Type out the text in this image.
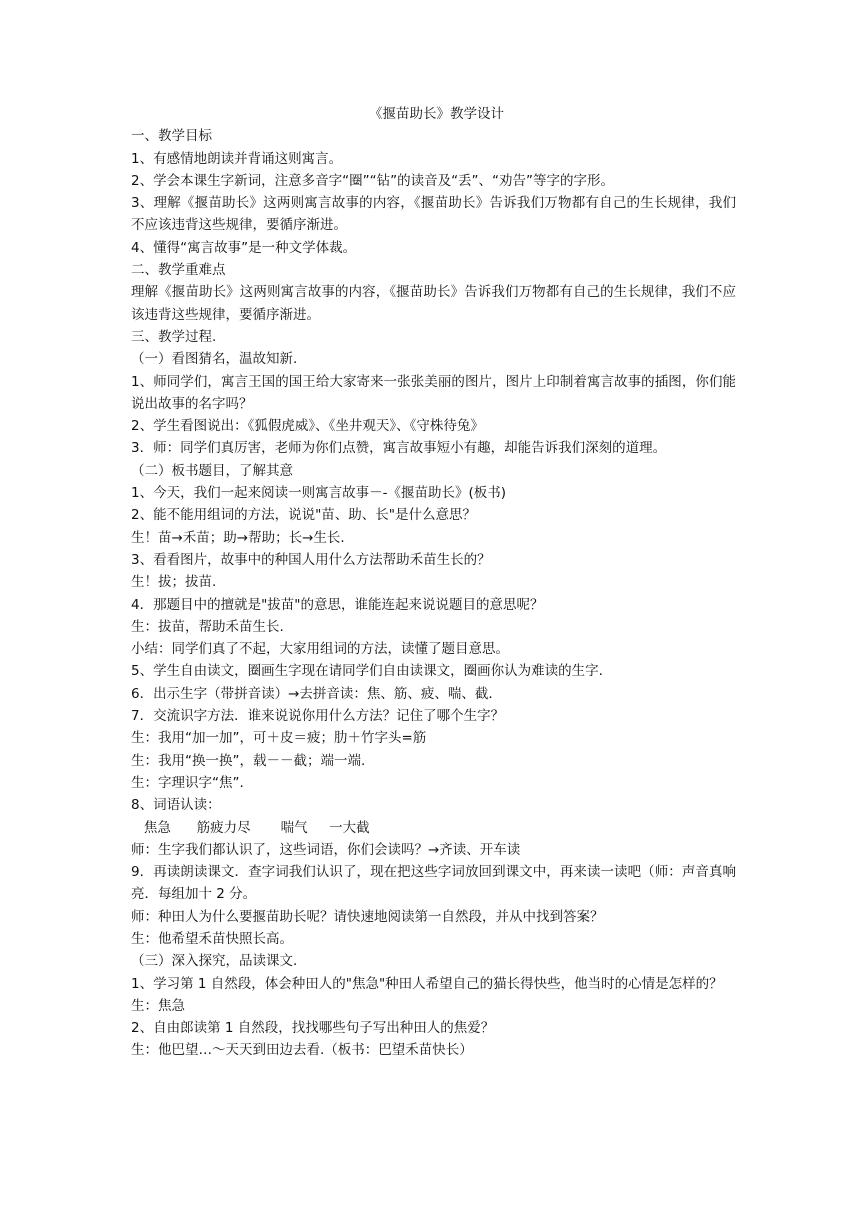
《揠苗助长》教学设计

一、教学目标

1、有感情地朗读并背诵这则寓言。

2、学会本课生字新词，注意多音字“圈”“钻”的读音及“丢”、“劝告”等字的字形。

3、理解《揠苗助长》这两则寓言故事的内容，《揠苗助长》告诉我们万物都有自己的生长规律，我们不应该违背这些规律，要循序渐进。

4、懂得“寓言故事”是一种文学体裁。

二、教学重难点

理解《揠苗助长》这两则寓言故事的内容，《揠苗助长》告诉我们万物都有自己的生长规律，我们不应该违背这些规律，要循序渐进。

三、教学过程.

（一）看图猜名，温故知新.

1、师同学们，寓言王国的国王给大家寄来一张张美丽的图片，图片上印制着寓言故事的插图，你们能说出故事的名字吗？

2、学生看图说出：《狐假虎威》、《坐井观天》、《守株待兔》

3．师：同学们真厉害，老师为你们点赞，寓言故事短小有趣，却能告诉我们深刻的道理。

（二）板书题目，了解其意

1、今天，我们一起来阅读一则寓言故事－-《揠苗助长》(板书)

2、能不能用组词的方法，说说"苗、助、长"是什么意思？

生！苗→禾苗；助→帮助；长→生长.

3、看看图片，故事中的种国人用什么方法帮助禾苗生长的？

生！拔；拔苗.

4．那题目中的擅就是"拔苗"的意思，谁能连起来说说题目的意思呢？

生：拔苗，帮助禾苗生长.

小结：同学们真了不起，大家用组词的方法，读懂了题目意思。

5、学生自由读文，圈画生字现在请同学们自由读课文，圈画你认为难读的生字.

6．出示生字（带拼音读）→去拼音读：焦、筋、疲、喘、截.

7．交流识字方法．谁来说说你用什么方法？记住了哪个生字？

生：我用“加一加”，可＋皮＝疲；肋＋竹字头=筋

生：我用“换一换”，载－－截；端一端.

生：字理识字“焦”.

8、词语认读：

焦急      筋疲力尽       喘气     一大截

师：生字我们都认识了，这些词语，你们会读吗？→齐读、开车读

9．再读朗读课文．查字词我们认识了，现在把这些字词放回到课文中，再来读一读吧（师：声音真响亮．每组加十 2 分。

师：种田人为什么要揠苗助长呢？请快速地阅读第一自然段，并从中找到答案？

生：他希望禾苗快照长高。

（三）深入探究，品读课文.

1、学习第 1 自然段，体会种田人的"焦急"种田人希望自己的猫长得快些，他当时的心情是怎样的？

生：焦急

2、自由郎读第 1 自然段，找找哪些句子写出种田人的焦爱？

生：他巴望…～天天到田边去看.（板书：巴望禾苗快长）
